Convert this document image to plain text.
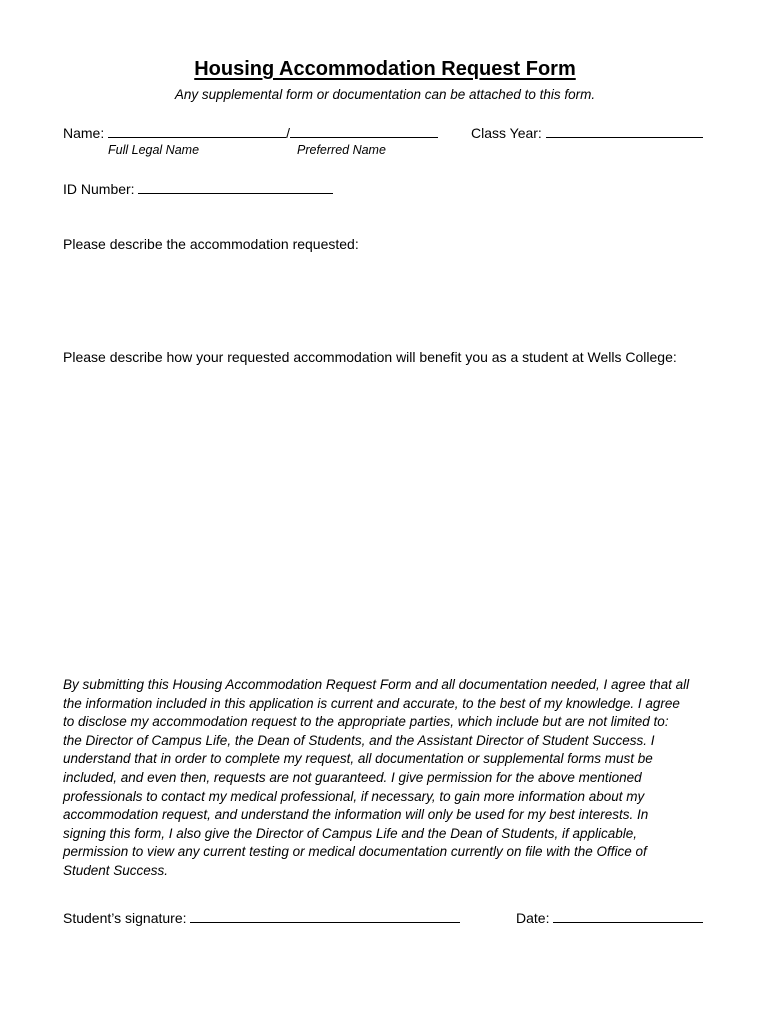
Housing Accommodation Request Form
Any supplemental form or documentation can be attached to this form.
Name:	/	Class Year:
Full Legal Name	Preferred Name
ID Number:
Please describe the accommodation requested:
Please describe how your requested accommodation will benefit you as a student at Wells College:
By submitting this Housing Accommodation Request Form and all documentation needed, I agree that all
the information included in this application is current and accurate, to the best of my knowledge. I agree
to disclose my accommodation request to the appropriate parties, which include but are not limited to:
the Director of Campus Life, the Dean of Students, and the Assistant Director of Student Success. I
understand that in order to complete my request, all documentation or supplemental forms must be
included, and even then, requests are not guaranteed. I give permission for the above mentioned
professionals to contact my medical professional, if necessary, to gain more information about my
accommodation request, and understand the information will only be used for my best interests. In
signing this form, I also give the Director of Campus Life and the Dean of Students, if applicable,
permission to view any current testing or medical documentation currently on file with the Office of
Student Success.
Student’s signature:	Date:
